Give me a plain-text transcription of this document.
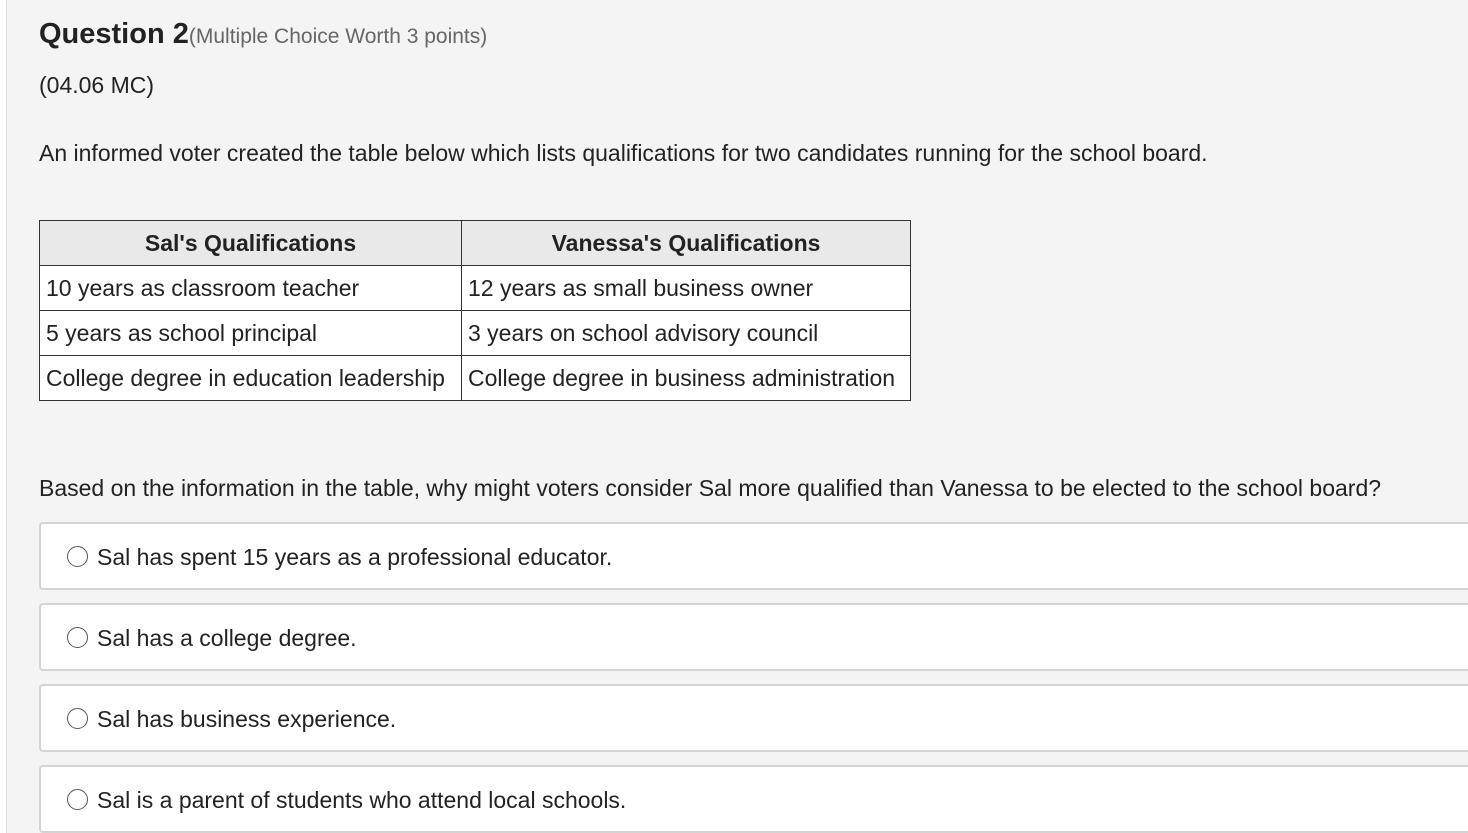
Question 2(Multiple Choice Worth 3 points)
(04.06 MC)
An informed voter created the table below which lists qualifications for two candidates running for the school board.
Sal's Qualifications	Vanessa's Qualifications
10 years as classroom teacher	12 years as small business owner
5 years as school principal	3 years on school advisory council
College degree in education leadership	College degree in business administration
Based on the information in the table, why might voters consider Sal more qualified than Vanessa to be elected to the school board?
Sal has spent 15 years as a professional educator.
Sal has a college degree.
Sal has business experience.
Sal is a parent of students who attend local schools.
